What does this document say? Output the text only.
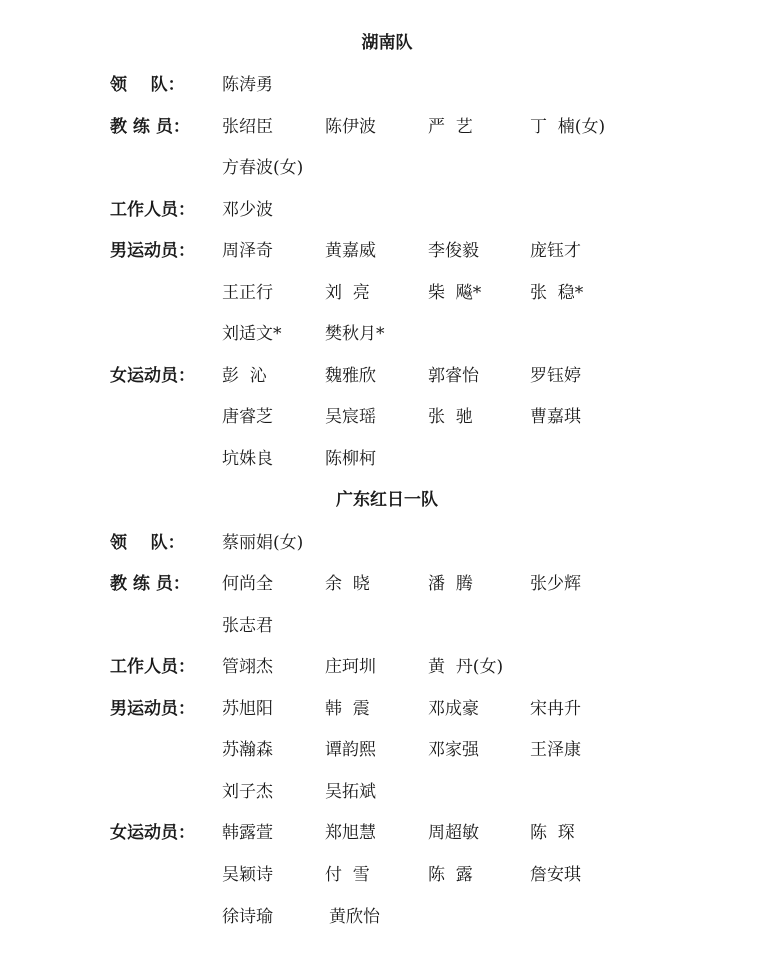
湖南队
领    队：	陈涛勇
教 练 员：	张绍臣	陈伊波	严  艺	丁  楠(女)
方春波(女)
工作人员：	邓少波
男运动员：	周泽奇	黄嘉威	李俊毅	庞钰才
王正行	刘  亮	柴  飚*	张  稳*
刘适文*	樊秋月*
女运动员：	彭  沁	魏雅欣	郭睿怡	罗钰婷
唐睿芝	吴宸瑶	张  驰	曹嘉琪
坑姝良	陈柳柯
广东红日一队
领    队：	蔡丽娟(女)
教 练 员：	何尚全	余  晓	潘  腾	张少辉
张志君
工作人员：	管翊杰	庄珂圳	黄  丹(女)
男运动员：	苏旭阳	韩  震	邓成豪	宋冉升
苏瀚森	谭韵熙	邓家强	王泽康
刘子杰	吴拓斌
女运动员：	韩露萱	郑旭慧	周超敏	陈  琛
吴颖诗	付  雪	陈  露	詹安琪
徐诗瑜	黄欣怡
